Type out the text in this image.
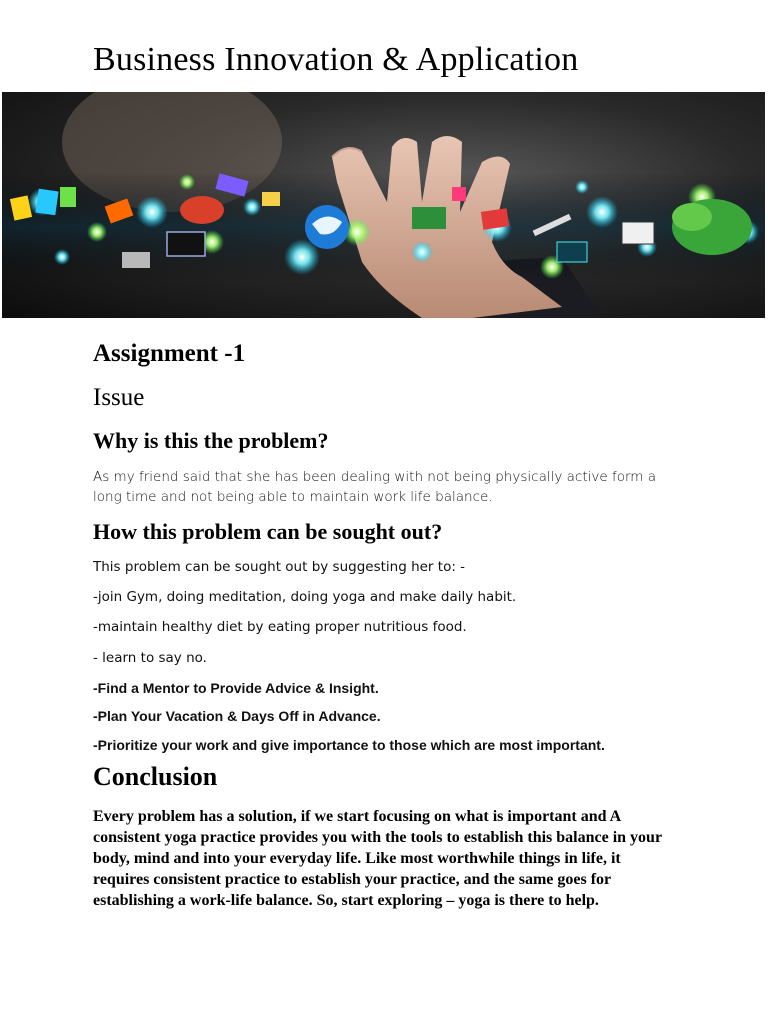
Business Innovation & Application
Assignment -1
Issue
Why is this the problem?

As my friend said that she has been dealing with not being physically active form a long time and not being able to maintain work life balance.

How this problem can be sought out?

This problem can be sought out by suggesting her to: -

-join Gym, doing meditation, doing yoga and make daily habit.

-maintain healthy diet by eating proper nutritious food.

- learn to say no.

-Find a Mentor to Provide Advice & Insight.

-Plan Your Vacation & Days Off in Advance.

-Prioritize your work and give importance to those which are most important.

Conclusion

Every problem has a solution, if we start focusing on what is important and A consistent yoga practice provides you with the tools to establish this balance in your body, mind and into your everyday life. Like most worthwhile things in life, it requires consistent practice to establish your practice, and the same goes for establishing a work-life balance. So, start exploring – yoga is there to help.
